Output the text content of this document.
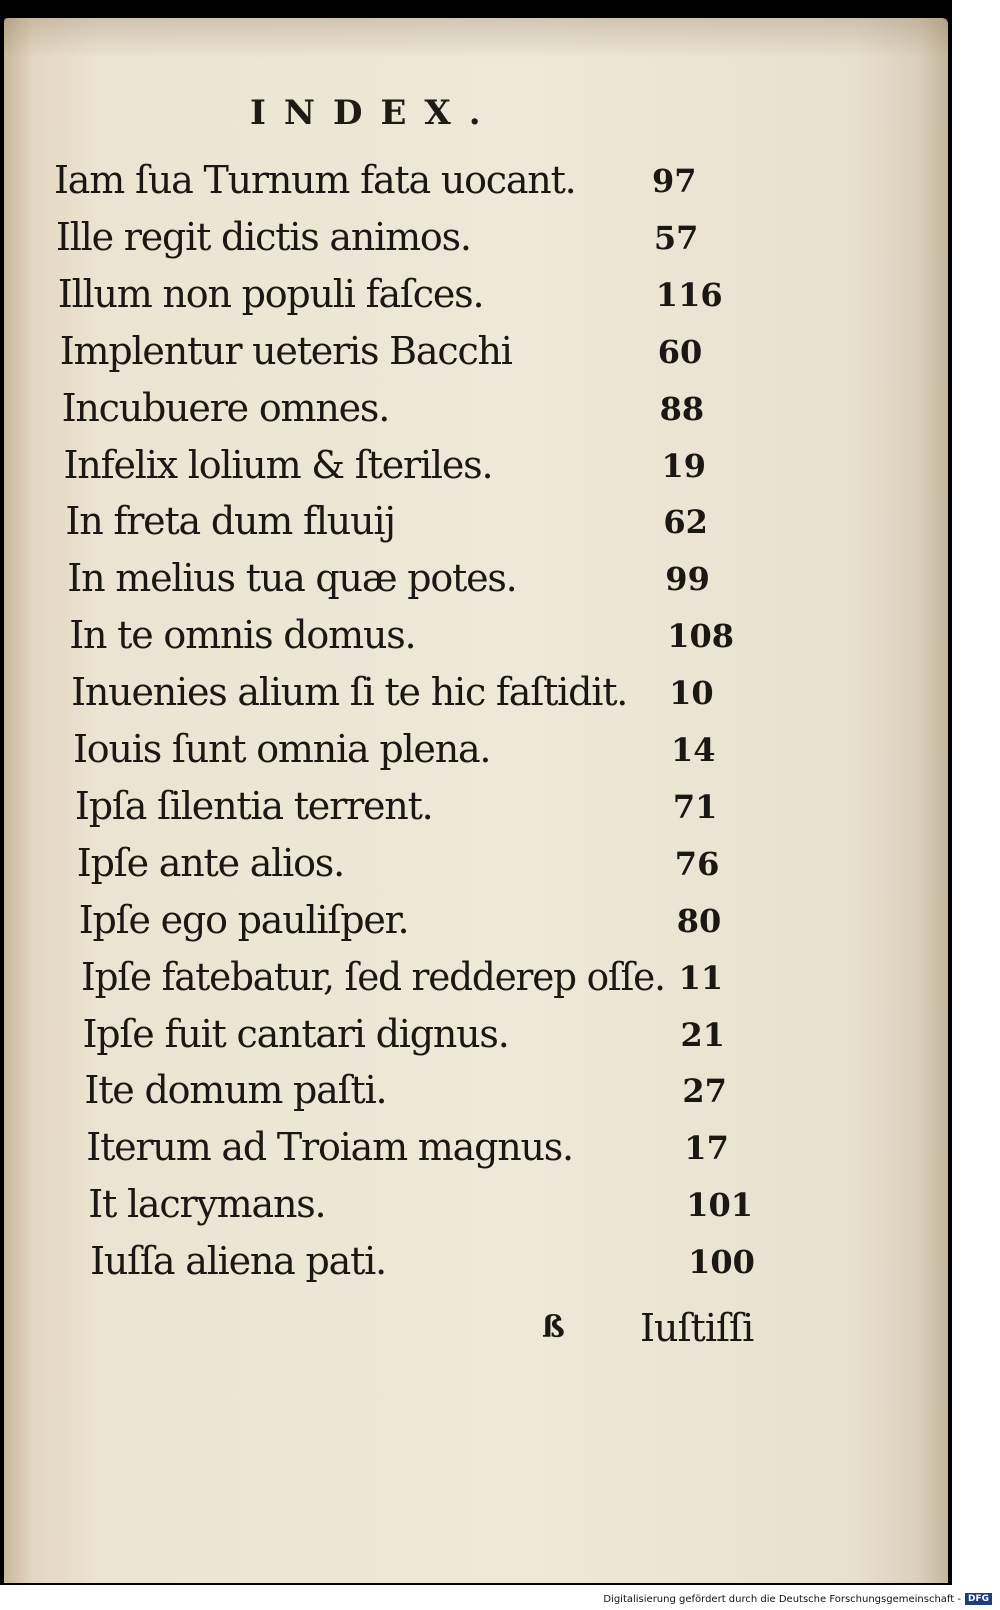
INDEX.
Iam ſua Turnum fata uocant. 97
Ille regit dictis animos.	57
Illum non populi faſces.	116
Implentur ueteris Bacchi	60
Incubuere omnes.	88
Infelix lolium & ſteriles.	19
In freta dum fluuij	62
In melius tua quæ potes.	99
In te omnis domus.	108
Inuenies alium ſi te hic faſtidit. 10
Iouis ſunt omnia plena.	14
Ipſa ſilentia terrent.	71
Ipſe ante alios.	76
Ipſe ego pauliſper.	80
Ipſe fatebatur, ſed redderep oſſe. 11
Ipſe fuit cantari dignus.	21
Ite domum paſti.	27
Iterum ad Troiam magnus.	17
It lacrymans.	101
Iuſſa aliena pati.	100
ß Iuſtiſſi
Digitalisierung gefördert durch die Deutsche Forschungsgemeinschaft - DFG
